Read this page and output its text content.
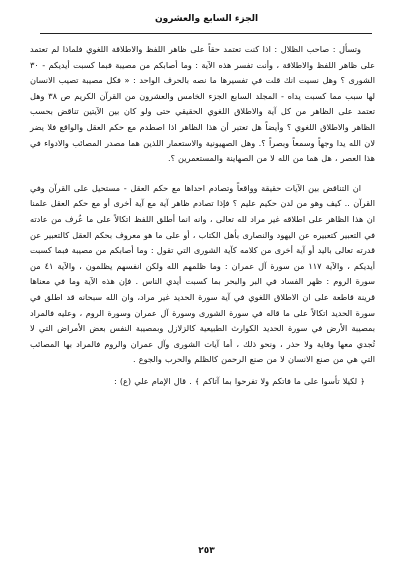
الجزء السابع والعشرون

وتسأل : صاحب الظلال : اذا كنت تعتمد حقاً على ظاهر اللفظ والاطلاقة اللغوي فلماذا لم تعتمد على ظاهر اللفظ والاطلاقة ، وأنت تفسر هذه الآية : وما أصابكم من مصيبة فبما كسبت أيديكم - ٣٠ الشورى ؟ وهل نسيت انك قلت في تفسيرها ما نصه بالحرف الواحد : « فكل مصيبة تصيب الانسان لها سبب مما كسبت يداه - المجلد السابع الجزء الخامس والعشرون من القرآن الكريم ص ٣٨ وهل تعتمد على الظاهر من كل آية والاطلاق اللغوي الحقيقي حتى ولو كان بين الآيتين تناقض بحسب الظاهر والاطلاق اللغوي ؟ وأيضاً هل تعتبر أن هذا الظاهر اذا اصطدم مع حكم العقل والواقع فلا يضر لان الله يدا وجهاً وسمعاً وبصراً ؟. وهل الصهيونية والاستعمار اللذين هما مصدر المصائب والادواء في هذا العصر ، هل هما من الله لا من الصهاينة والمستعمرين ؟.

ان التناقض بين الآيات حقيقة وواقعاً وتصادم احداها مع حكم العقل - مستحيل على القرآن وفي القرآن .. كيف وهو من لدن حكيم عليم ؟ فإذا تصادم ظاهر آية مع آية أخرى أو مع حكم العقل علمنا ان هذا الظاهر على اطلاقه غير مراد لله تعالى ، وانه انما أطلق اللفظ اتكالاً على ما عُرف من عادته في التعبير كتعبيره عن اليهود والنصارى بأهل الكتاب ، أو على ما هو معروف بحكم العقل كالتعبير عن قدرته تعالى باليد أو آية أخرى من كلامه كآية الشورى التي تقول : وما أصابكم من مصيبة فبما كسبت أيديكم ، والآية ١١٧ من سورة آل عمران : وما ظلمهم الله ولكن انفسهم يظلمون ، والآية ٤١ من سورة الروم : ظهر الفساد في البر والبحر بما كسبت أيدي الناس . فإن هذه الآية وما في معناها قرينة قاطعة على ان الاطلاق اللغوي في آية سورة الحديد غير مراد، وان الله سبحانه قد اطلق في سورة الحديد اتكالاً على ما قاله في سورة الشورى وسورة آل عمران وسورة الروم ، وعليه فالمراد بمصيبة الأرض في سورة الحديد الكوارث الطبيعية كالزلازل وبمصيبة النفس بعض الأمراض التي لا تُجدي معها وقاية ولا حذر ، ونحو ذلك ، أما آيات الشورى وآل عمران والروم فالمراد بها المصائب التي هي من صنع الانسان لا من صنع الرحمن كالظلم والحرب والجوع .

﴿ لكيلا تأسوا على ما فاتكم ولا تفرحوا بما آتاكم ﴾ . قال الإمام علي (ع) :

٢٥٣
